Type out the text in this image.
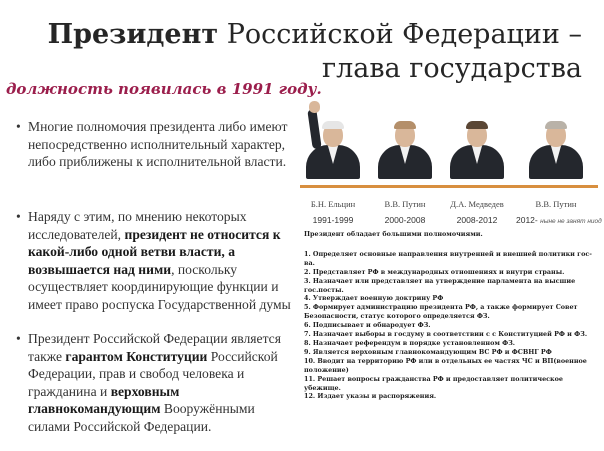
Президент Российской Федерации –
глава государства
должность появилась в 1991 году.
• Многие полномочия президента либо имеют непосредственно исполнительный характер, либо приближены к исполнительной власти.
• Наряду с этим, по мнению некоторых исследователей, президент не относится к какой-либо одной ветви власти, а возвышается над ними, поскольку осуществляет координирующие функции и имеет право роспуска Государственной думы
• Президент Российской Федерации является также гарантом Конституции Российской Федерации, прав и свобод человека и гражданина и верховным главнокомандующим Вооружёнными силами Российской Федерации.
Б.Н. Ельцин
1991-1999
В.В. Путин
2000-2008
Д.А. Медведев
2008-2012
В.В. Путин
2012- ныне не занят ниод
Президент обладает большими полномочиями.
1. Определяет основные направления внутренней и внешней политики гос-ва.
2. Представляет РФ в международных отношениях и внутри страны.
3. Назначает или представляет на утверждение парламента на высшие гос.посты.
4. Утверждает военную доктрину РФ
5. Формирует администрацию президента РФ, а также формирует Совет Безопасности, статус которого определяется ФЗ.
6. Подписывает и обнародует ФЗ.
7. Назначает выборы в госдуму в соответствии с с Конституцией РФ и ФЗ.
8. Назначает референдум в порядке установленном ФЗ.
9. Является верховным главнокомандующим ВС РФ и ФСВНГ РФ
10. Вводит на территорию РФ или в отдельных ее частях ЧС и ВП(военное положение)
11. Решает вопросы гражданства РФ и предоставляет политическое убежище.
12. Издает указы и распоряжения.
